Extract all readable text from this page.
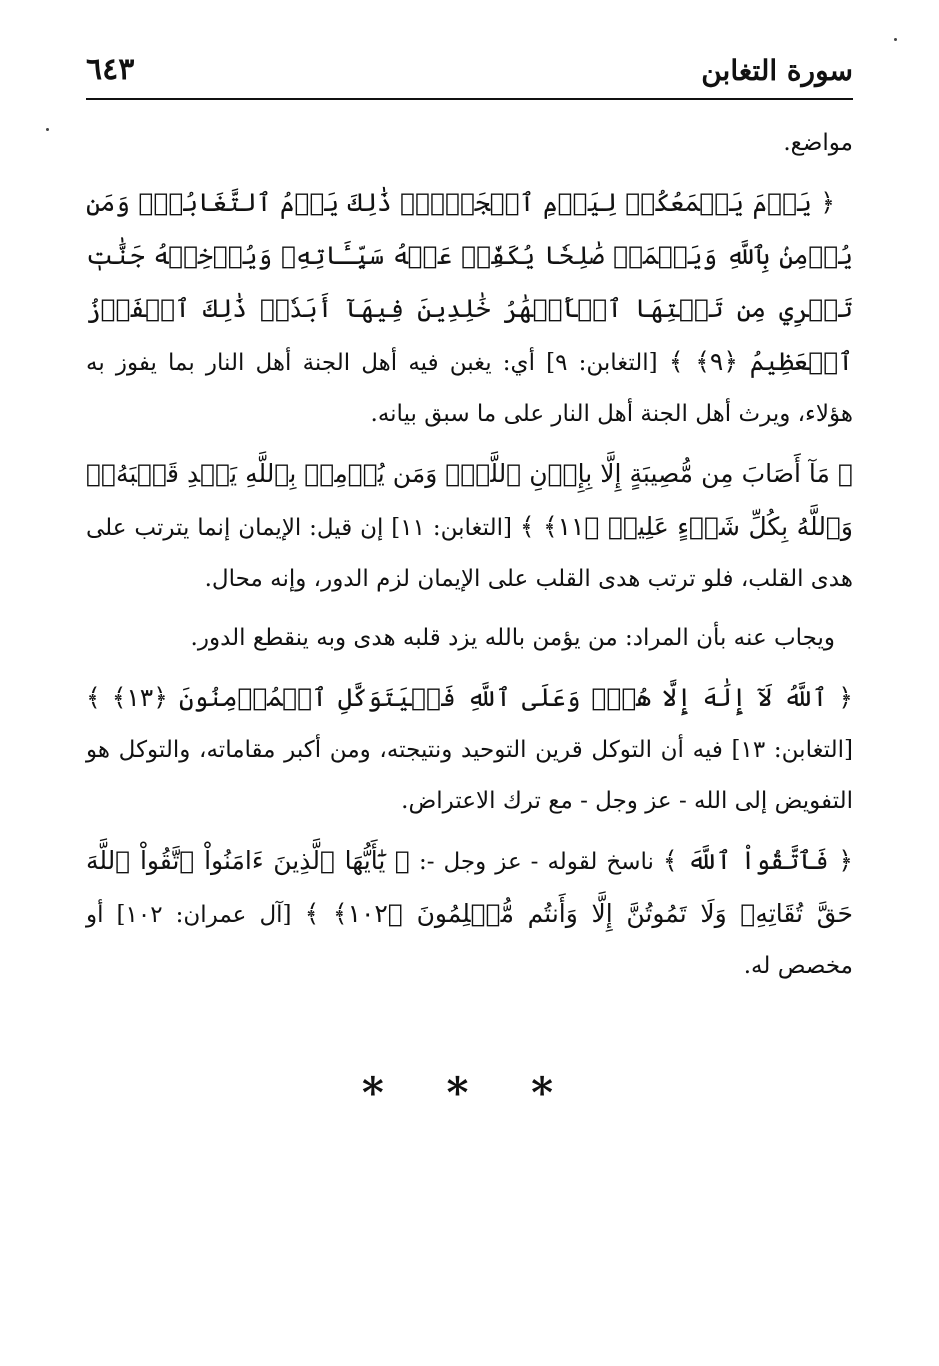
سورة التغابن
٦٤٣

مواضع.

﴿ يَوۡمَ يَجۡمَعُكُمۡ لِيَوۡمِ ٱلۡجَمۡعِۖ ذَٰلِكَ يَوۡمُ ٱلتَّغَابُنِۗ وَمَن يُؤۡمِنۢ بِٱللَّهِ وَيَعۡمَلۡ صَٰلِحٗا يُكَفِّرۡ عَنۡهُ سَيِّـَٔاتِهِۦ وَيُدۡخِلۡهُ جَنَّٰتٖ تَجۡرِي مِن تَحۡتِهَا ٱلۡأَنۡهَٰرُ خَٰلِدِينَ فِيهَآ أَبَدٗاۚ ذَٰلِكَ ٱلۡفَوۡزُ ٱلۡعَظِيمُ ﴿٩﴾ ﴾ [التغابن: ٩] أي: يغبن فيه أهل الجنة أهل النار بما يفوز به هؤلاء، ويرث أهل الجنة أهل النار على ما سبق بيانه.

﴿ مَآ أَصَابَ مِن مُّصِيبَةٍ إِلَّا بِإِذۡنِ ٱللَّهِۗ وَمَن يُؤۡمِنۢ بِٱللَّهِ يَهۡدِ قَلۡبَهُۥۚ وَٱللَّهُ بِكُلِّ شَيۡءٍ عَلِيمٞ ﴿١١﴾ ﴾ [التغابن: ١١] إن قيل: الإيمان إنما يترتب على هدى القلب، فلو ترتب هدى القلب على الإيمان لزم الدور، وإنه محال.

ويجاب عنه بأن المراد: من يؤمن بالله يزد قلبه هدى وبه ينقطع الدور.

﴿ ٱللَّهُ لَآ إِلَٰهَ إِلَّا هُوَۚ وَعَلَى ٱللَّهِ فَلۡيَتَوَكَّلِ ٱلۡمُؤۡمِنُونَ ﴿١٣﴾ ﴾ [التغابن: ١٣] فيه أن التوكل قرين التوحيد ونتيجته، ومن أكبر مقاماته، والتوكل هو التفويض إلى الله - عز وجل - مع ترك الاعتراض.

﴿ فَٱتَّقُواْ ٱللَّهَ ﴾ ناسخ لقوله - عز وجل -: ﴿ يَٰٓأَيُّهَا ٱلَّذِينَ ءَامَنُواْ ٱتَّقُواْ ٱللَّهَ حَقَّ تُقَاتِهِۦ وَلَا تَمُوتُنَّ إِلَّا وَأَنتُم مُّسۡلِمُونَ ﴿١٠٢﴾ ﴾ [آل عمران: ١٠٢] أو مخصص له.

* * *
